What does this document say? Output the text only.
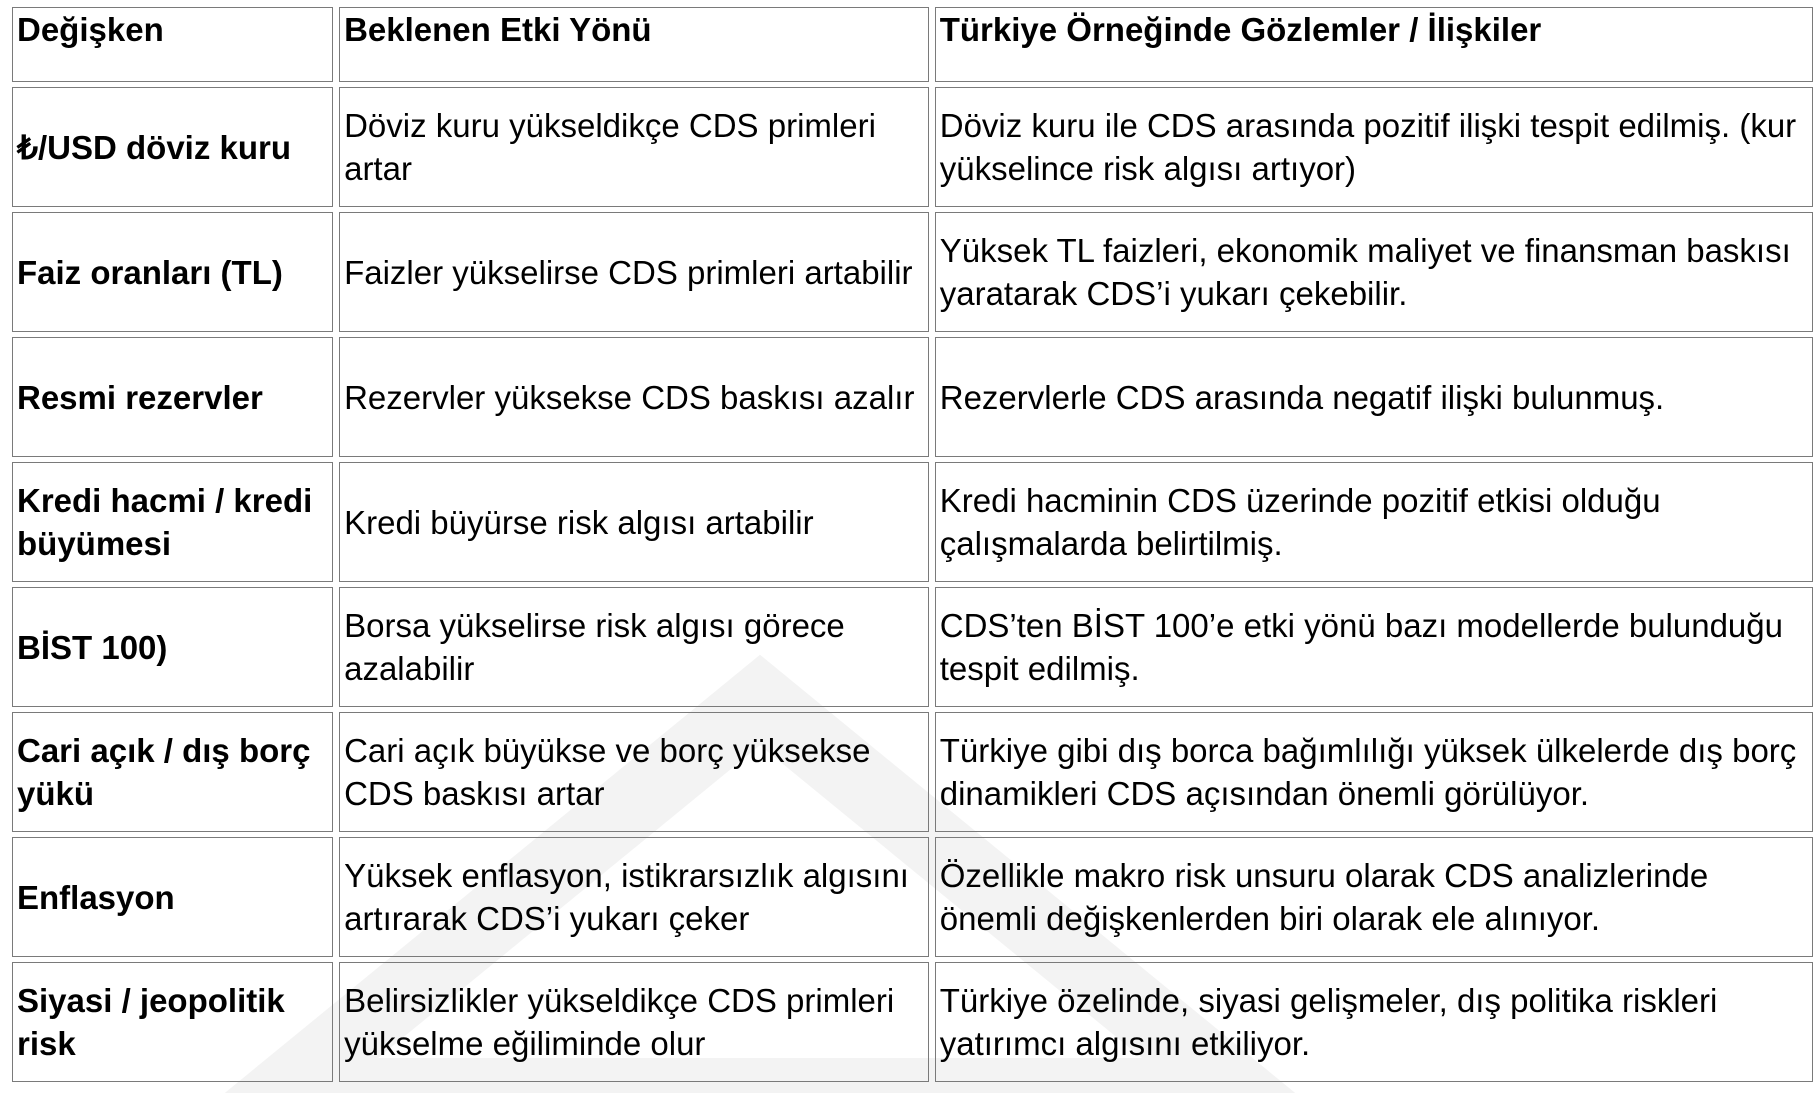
Değişken	Beklenen Etki Yönü	Türkiye Örneğinde Gözlemler / İlişkiler
₺/USD döviz kuru	Döviz kuru yükseldikçe CDS primleri artar	Döviz kuru ile CDS arasında pozitif ilişki tespit edilmiş. (kur yükselince risk algısı artıyor)
Faiz oranları (TL)	Faizler yükselirse CDS primleri artabilir	Yüksek TL faizleri, ekonomik maliyet ve finansman baskısı yaratarak CDS’i yukarı çekebilir.
Resmi rezervler	Rezervler yüksekse CDS baskısı azalır	Rezervlerle CDS arasında negatif ilişki bulunmuş.
Kredi hacmi / kredi büyümesi	Kredi büyürse risk algısı artabilir	Kredi hacminin CDS üzerinde pozitif etkisi olduğu çalışmalarda belirtilmiş.
BİST 100)	Borsa yükselirse risk algısı görece azalabilir	CDS’ten BİST 100’e etki yönü bazı modellerde bulunduğu tespit edilmiş.
Cari açık / dış borç yükü	Cari açık büyükse ve borç yüksekse CDS baskısı artar	Türkiye gibi dış borca bağımlılığı yüksek ülkelerde dış borç dinamikleri CDS açısından önemli görülüyor.
Enflasyon	Yüksek enflasyon, istikrarsızlık algısını artırarak CDS’i yukarı çeker	Özellikle makro risk unsuru olarak CDS analizlerinde önemli değişkenlerden biri olarak ele alınıyor.
Siyasi / jeopolitik risk	Belirsizlikler yükseldikçe CDS primleri yükselme eğiliminde olur	Türkiye özelinde, siyasi gelişmeler, dış politika riskleri yatırımcı algısını etkiliyor.
